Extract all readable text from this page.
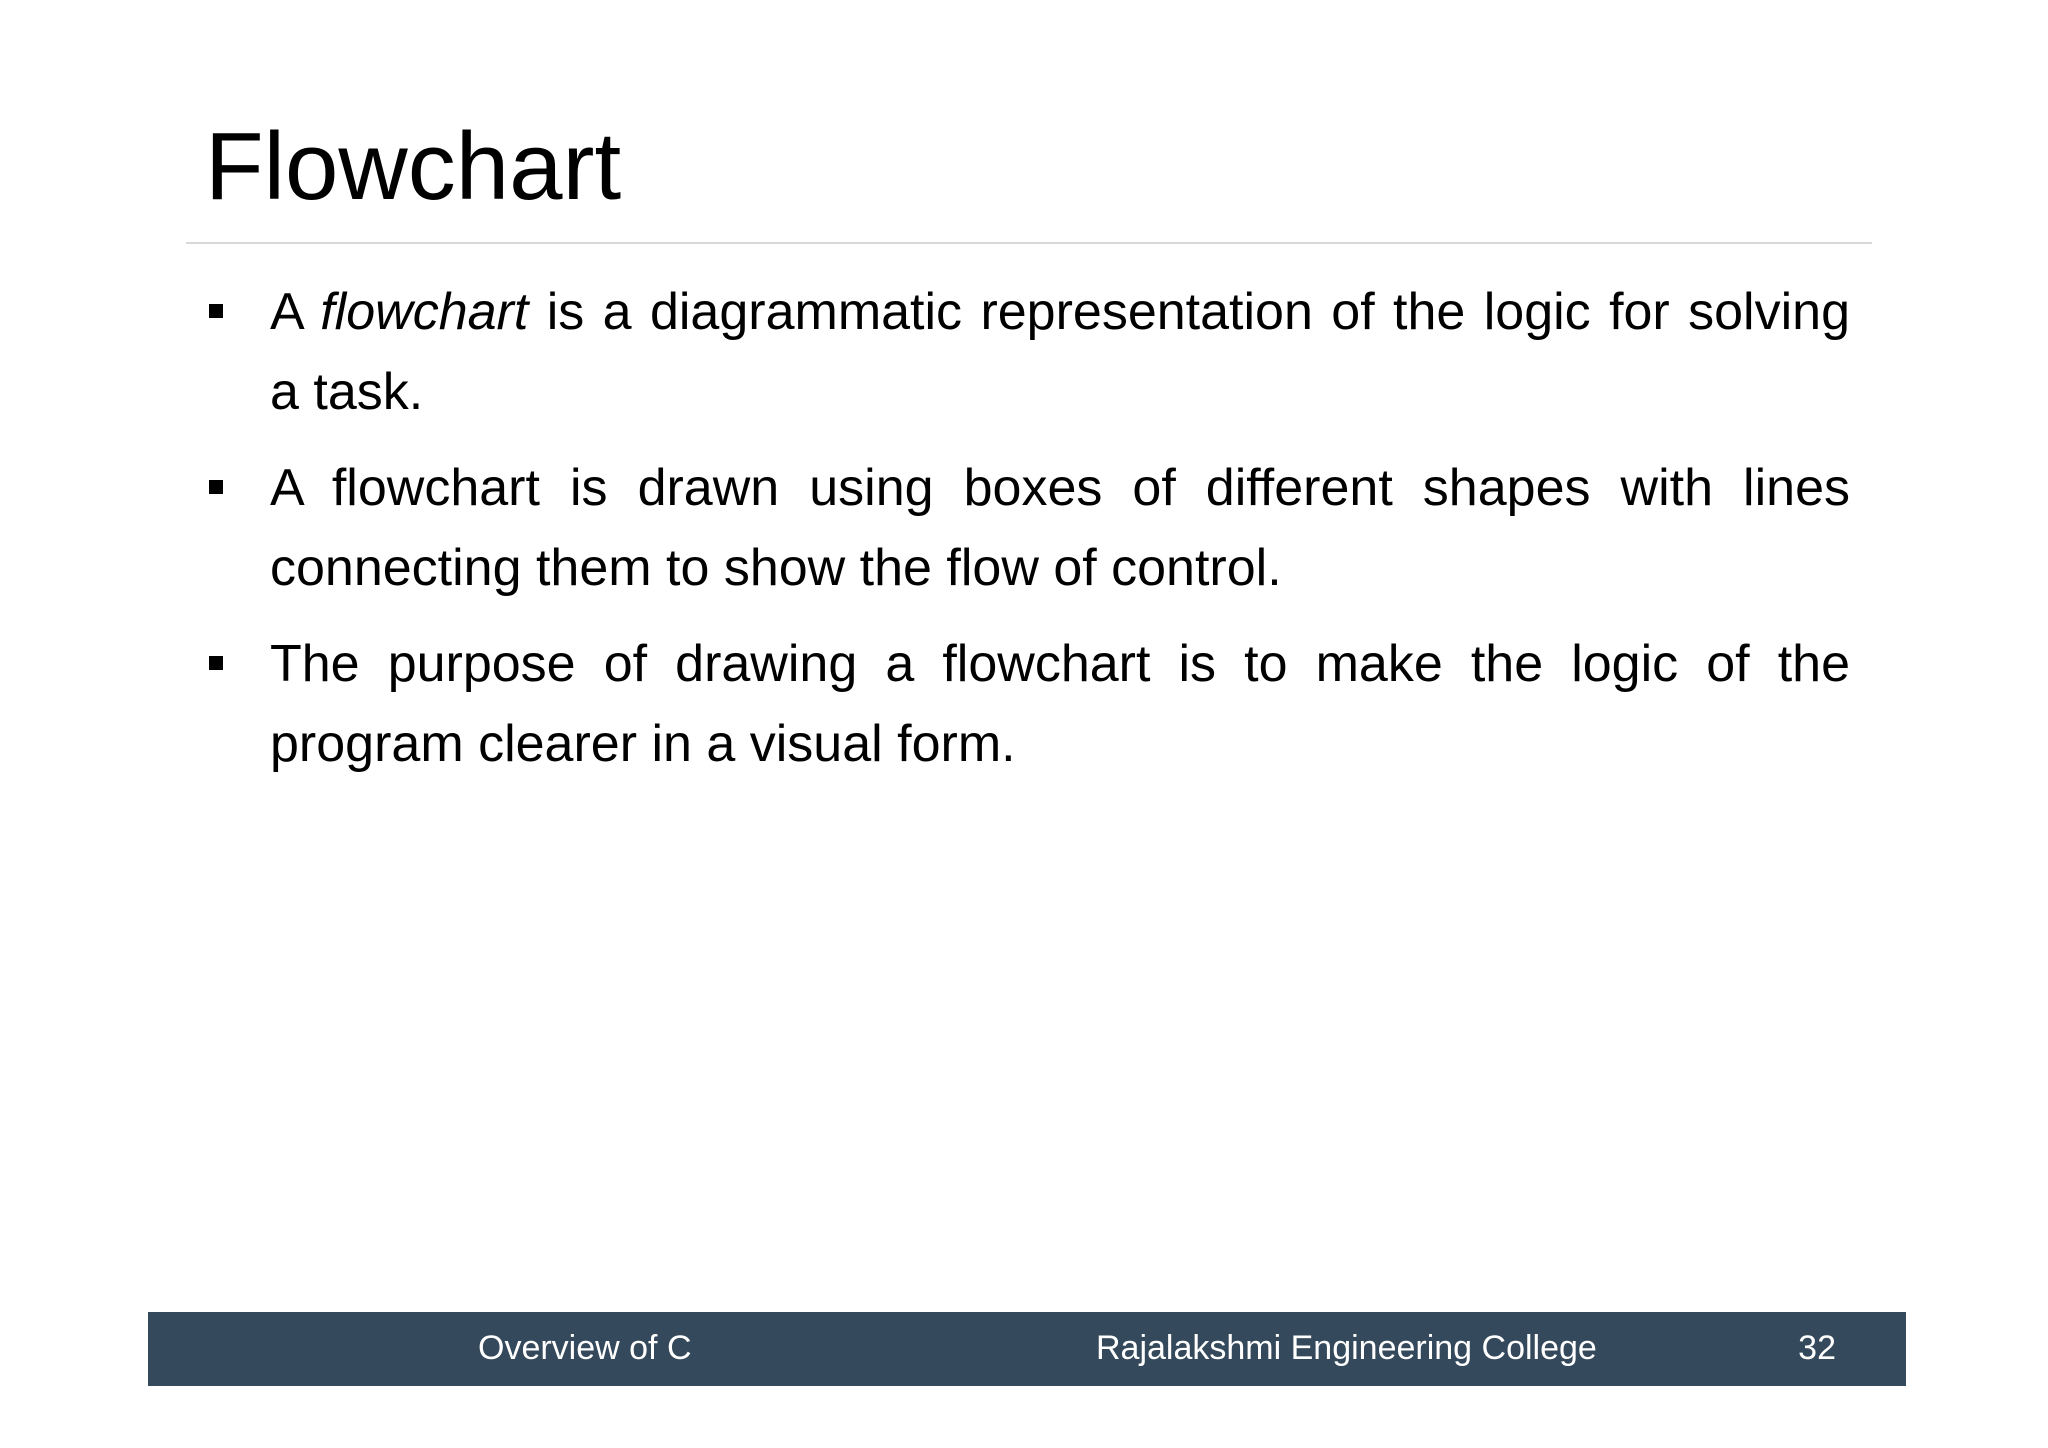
Flowchart
A flowchart is a diagrammatic representation of the logic for solving a task.
A flowchart is drawn using boxes of different shapes with lines connecting them to show the flow of control.
The purpose of drawing a flowchart is to make the logic of the program clearer in a visual form.
Overview of C	Rajalakshmi Engineering College	32
